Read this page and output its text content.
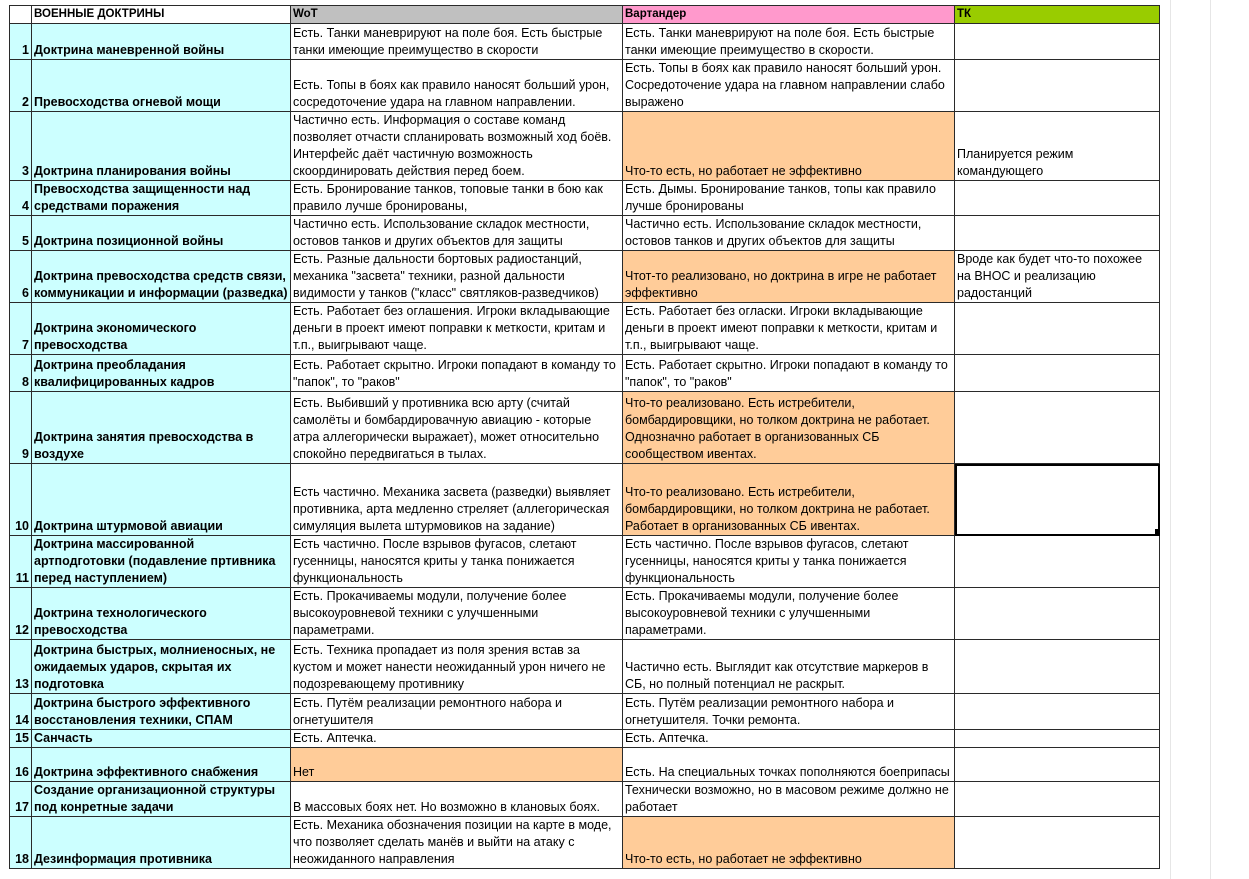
	ВОЕННЫЕ ДОКТРИНЫ	WoT	Вартандер	ТК
1	Доктрина маневренной войны	Есть. Танки маневрируют на поле боя. Есть быстрые танки имеющие преимущество в скорости	Есть. Танки маневрируют на поле боя. Есть быстрые танки имеющие преимущество в скорости.	
2	Превосходства огневой мощи	Есть. Топы в боях как правило наносят больший урон, сосредоточение удара на главном направлении.	Есть. Топы в боях как правило наносят больший урон. Сосредоточение удара на главном направлении слабо выражено	
3	Доктрина планирования войны	Частично есть. Информация о составе команд позволяет отчасти спланировать возможный ход боёв. Интерфейс даёт частичную возможность скоординировать действия перед боем.	Что-то есть, но работает не эффективно	Планируется режим командующего
4	Превосходства защищенности над средствами поражения	Есть. Бронирование танков, топовые танки в бою как правило лучше бронированы,	Есть. Дымы. Бронирование танков, топы как правило лучше бронированы	
5	Доктрина позиционной войны	Частично есть. Использование складок местности, остовов танков и других объектов для защиты	Частично есть. Использование складок местности, остовов танков и других объектов для защиты	
6	Доктрина превосходства средств связи, коммуникации и информации (разведка)	Есть. Разные дальности бортовых радиостанций, механика "засвета" техники, разной дальности видимости у танков ("класс" святляков-разведчиков)	Чтот-то реализовано, но доктрина в игре не работает эффективно	Вроде как будет что-то похожее на ВНОС и реализацию радостанций
7	Доктрина экономического превосходства	Есть. Работает без оглашения. Игроки вкладывающие деньги в проект имеют поправки к меткости, критам и т.п., выигрывают чаще.	Есть. Работает без огласки. Игроки вкладывающие деньги в проект имеют поправки к меткости, критам и т.п., выигрывают чаще.	
8	Доктрина преобладания квалифицированных кадров	Есть. Работает скрытно. Игроки попадают в команду то "папок", то "раков"	Есть. Работает скрытно. Игроки попадают в команду то "папок", то "раков"	
9	Доктрина занятия превосходства в воздухе	Есть. Выбивший у противника всю арту (считай самолёты и бомбардировачную авиацию - которые атра аллегорически выражает), может относительно спокойно передвигаться в тылах.	Что-то реализовано. Есть истребители, бомбардировщики, но толком доктрина не работает. Однозначно работает в организованных СБ сообществом ивентах.	
10	Доктрина штурмовой авиации	Есть частично. Механика засвета (разведки) выявляет противника, арта медленно стреляет (аллегорическая симуляция вылета штурмовиков на задание)	Что-то реализовано. Есть истребители, бомбардировщики, но толком доктрина не работает. Работает в организованных СБ ивентах.	
11	Доктрина массированной артподготовки (подавление пртивника перед наступлением)	Есть частично. После взрывов фугасов, слетают гусенницы, наносятся криты у танка понижается функциональность	Есть частично. После взрывов фугасов, слетают гусенницы, наносятся криты у танка понижается функциональность	
12	Доктрина технологического превосходства	Есть. Прокачиваемы модули, получение более высокоуровневой техники с улучшенными параметрами.	Есть. Прокачиваемы модули, получение более высокоуровневой техники с улучшенными параметрами.	
13	Доктрина быстрых, молниеносных, не ожидаемых ударов, скрытая их подготовка	Есть. Техника пропадает из поля зрения встав за кустом и может нанести неожиданный урон ничего не подозревающему противнику	Частично есть. Выглядит как отсутствие маркеров в СБ, но полный потенциал не раскрыт.	
14	Доктрина быстрого эффективного восстановления техники, СПАМ	Есть. Путём реализации ремонтного набора и огнетушителя	Есть. Путём реализации ремонтного набора и огнетушителя. Точки ремонта.	
15	Санчасть	Есть. Аптечка.	Есть. Аптечка.	
16	Доктрина эффективного снабжения	Нет	Есть. На специальных точках пополняются боеприпасы	
17	Создание организационной структуры под конретные задачи	В массовых боях нет. Но возможно в клановых боях.	Технически возможно, но в масовом режиме должно не работает	
18	Дезинформация противника	Есть. Механика обозначения позиции на карте в моде, что позволяет сделать манёв и выйти на атаку с неожиданного направления	Что-то есть, но работает не эффективно	
